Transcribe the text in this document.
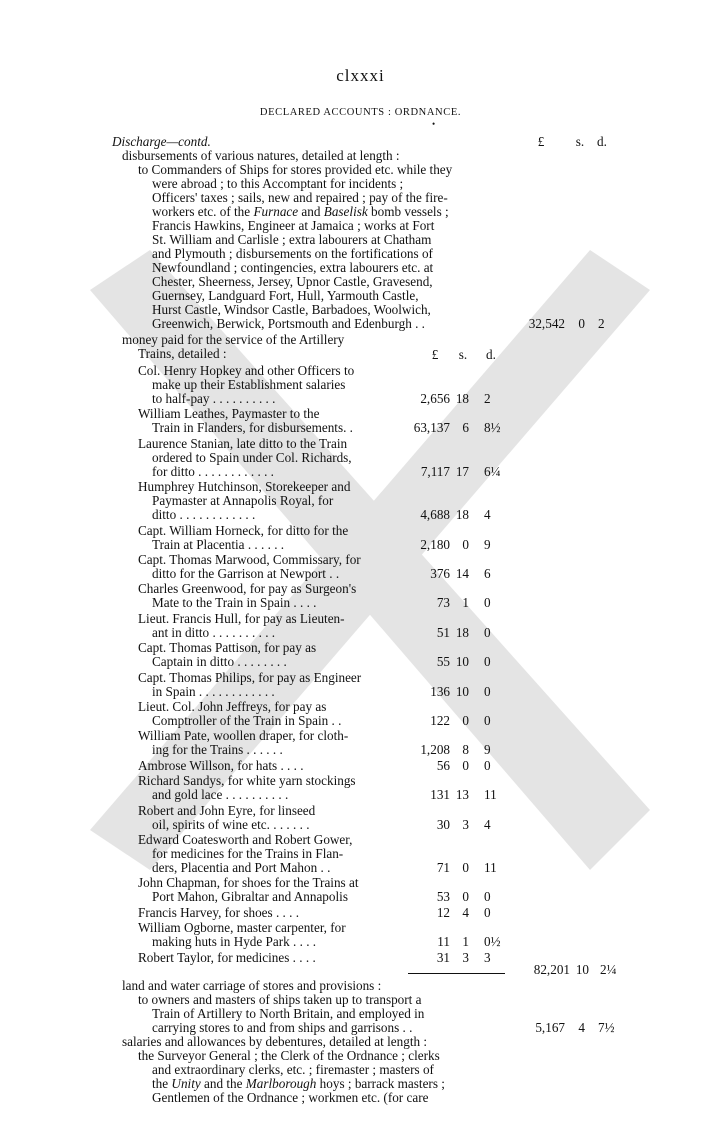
clxxxi
DECLARED ACCOUNTS : ORDNANCE.
•
£	s. d.
Discharge—contd.
disbursements of various natures, detailed at length :
to Commanders of Ships for stores provided etc. while they
were abroad ; to this Accomptant for incidents ;
Officers' taxes ; sails, new and repaired ; pay of the fire-
workers etc. of the Furnace and Baselisk bomb vessels ;
Francis Hawkins, Engineer at Jamaica ; works at Fort
St. William and Carlisle ; extra labourers at Chatham
and Plymouth ; disbursements on the fortifications of
Newfoundland ; contingencies, extra labourers etc. at
Chester, Sheerness, Jersey, Upnor Castle, Gravesend,
Guernsey, Landguard Fort, Hull, Yarmouth Castle,
Hurst Castle, Windsor Castle, Barbadoes, Woolwich,
Greenwich, Berwick, Portsmouth and Edenburgh . .	32,542	0 2
money paid for the service of the Artillery
Trains, detailed :	£	s.	d.
Col. Henry Hopkey and other Officers to
make up their Establishment salaries
to half-pay . . . . . . . . . .	2,656 18 2
William Leathes, Paymaster to the
Train in Flanders, for disbursements. .	63,137 6 8½
Laurence Stanian, late ditto to the Train
ordered to Spain under Col. Richards,
for ditto . . . . . . . . . . . .	7,117 17 6¼
Humphrey Hutchinson, Storekeeper and
Paymaster at Annapolis Royal, for
ditto . . . . . . . . . . . .	4,688 18 4
Capt. William Horneck, for ditto for the
Train at Placentia . . . . . .	2,180 0 9
Capt. Thomas Marwood, Commissary, for
ditto for the Garrison at Newport . .	376 14 6
Charles Greenwood, for pay as Surgeon's
Mate to the Train in Spain . . . .	73 1 0
Lieut. Francis Hull, for pay as Lieuten-
ant in ditto . . . . . . . . . .	51 18 0
Capt. Thomas Pattison, for pay as
Captain in ditto . . . . . . . .	55 10 0
Capt. Thomas Philips, for pay as Engineer
in Spain . . . . . . . . . . . .	136 10 0
Lieut. Col. John Jeffreys, for pay as
Comptroller of the Train in Spain . .	122 0 0
William Pate, woollen draper, for cloth-
ing for the Trains . . . . . .	1,208 8 9
Ambrose Willson, for hats . . . .	56 0 0
Richard Sandys, for white yarn stockings
and gold lace . . . . . . . . . .	131 13 11
Robert and John Eyre, for linseed
oil, spirits of wine etc. . . . . . .	30 3 4
Edward Coatesworth and Robert Gower,
for medicines for the Trains in Flan-
ders, Placentia and Port Mahon . .	71 0 11
John Chapman, for shoes for the Trains at
Port Mahon, Gibraltar and Annapolis	53 0 0
Francis Harvey, for shoes . . . .	12 4 0
William Ogborne, master carpenter, for
making huts in Hyde Park . . . .	11 1 0½
Robert Taylor, for medicines . . . .	31 3 3
82,201 10 2¼
land and water carriage of stores and provisions :
to owners and masters of ships taken up to transport a
Train of Artillery to North Britain, and employed in
carrying stores to and from ships and garrisons . .	5,167	4 7½
salaries and allowances by debentures, detailed at length :
the Surveyor General ; the Clerk of the Ordnance ; clerks
and extraordinary clerks, etc. ; firemaster ; masters of
the Unity and the Marlborough hoys ; barrack masters ;
Gentlemen of the Ordnance ; workmen etc. (for care
